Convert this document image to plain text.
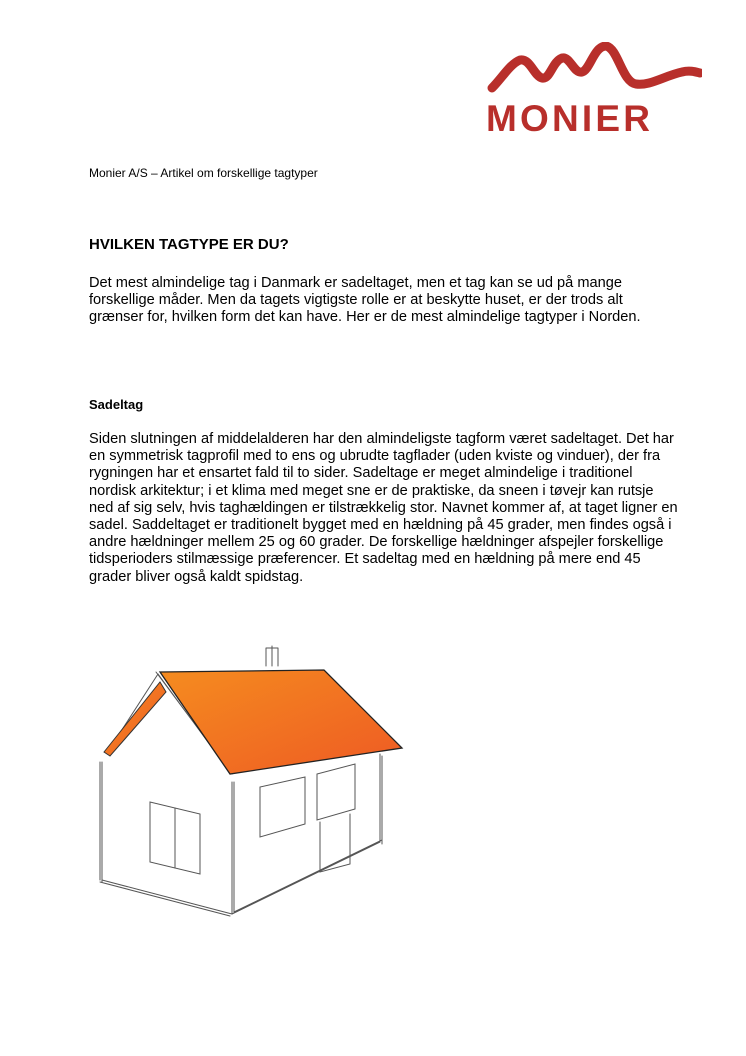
MONIER
Monier A/S – Artikel om forskellige tagtyper
HVILKEN TAGTYPE ER DU?

Det mest almindelige tag i Danmark er sadeltaget, men et tag kan se ud på mange forskellige måder. Men da tagets vigtigste rolle er at beskytte huset, er der trods alt grænser for, hvilken form det kan have. Her er de mest almindelige tagtyper i Norden.

Sadeltag

Siden slutningen af middelalderen har den almindeligste tagform været sadeltaget. Det har en symmetrisk tagprofil med to ens og ubrudte tagflader (uden kviste og vinduer), der fra rygningen har et ensartet fald til to sider. Sadeltage er meget almindelige i traditionel nordisk arkitektur; i et klima med meget sne er de praktiske, da sneen i tøvejr kan rutsje ned af sig selv, hvis taghældingen er tilstrækkelig stor. Navnet kommer af, at taget ligner en sadel. Saddeltaget er traditionelt bygget med en hældning på 45 grader, men findes også i andre hældninger mellem 25 og 60 grader. De forskellige hældninger afspejler forskellige tidsperioders stilmæssige præferencer. Et sadeltag med en hældning på mere end 45 grader bliver også kaldt spidstag.
